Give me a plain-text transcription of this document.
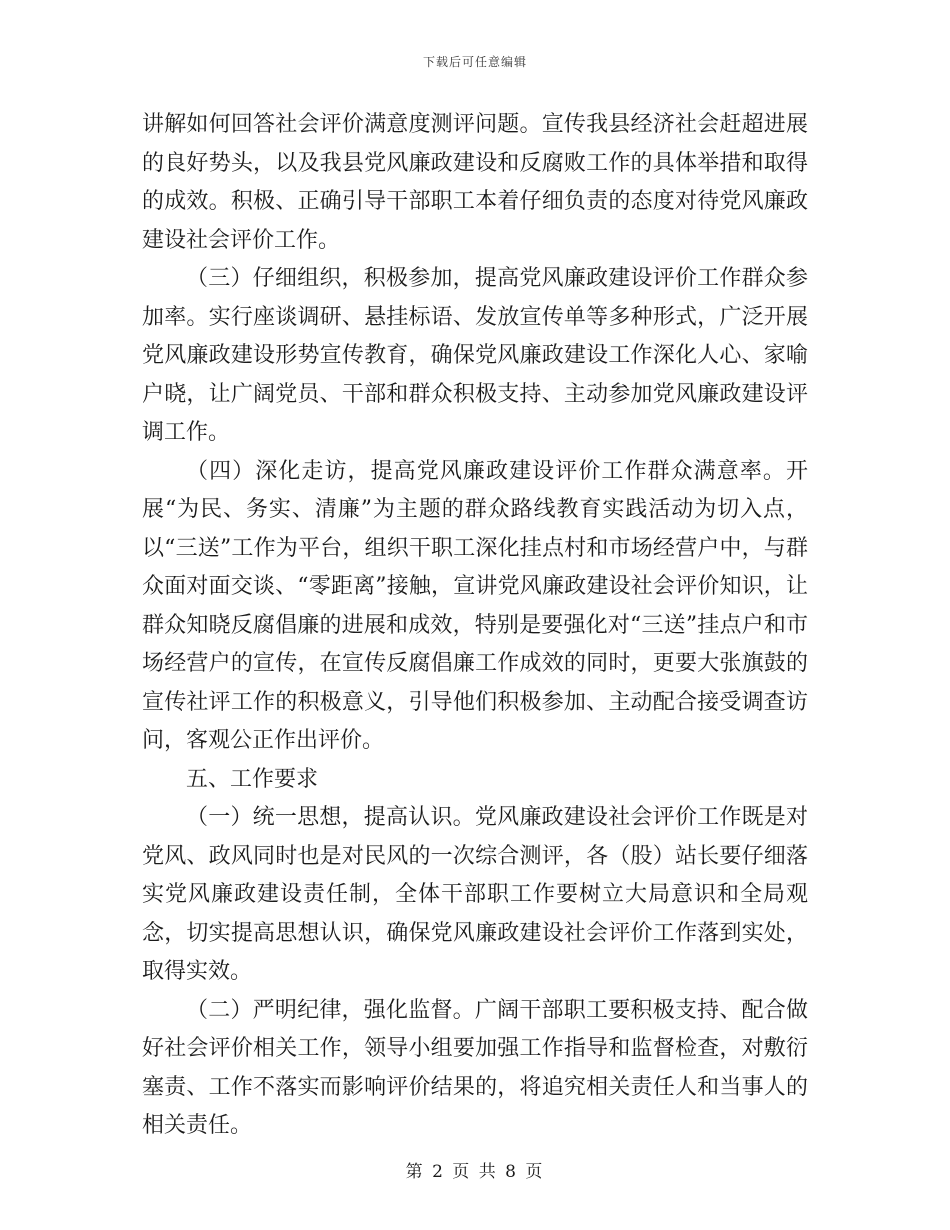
下载后可任意编辑

讲解如何回答社会评价满意度测评问题。宣传我县经济社会赶超进展的良好势头，以及我县党风廉政建设和反腐败工作的具体举措和取得的成效。积极、正确引导干部职工本着仔细负责的态度对待党风廉政建设社会评价工作。

（三）仔细组织，积极参加，提高党风廉政建设评价工作群众参加率。实行座谈调研、悬挂标语、发放宣传单等多种形式，广泛开展党风廉政建设形势宣传教育，确保党风廉政建设工作深化人心、家喻户晓，让广阔党员、干部和群众积极支持、主动参加党风廉政建设评调工作。

（四）深化走访，提高党风廉政建设评价工作群众满意率。开展“为民、务实、清廉”为主题的群众路线教育实践活动为切入点，以“三送”工作为平台，组织干职工深化挂点村和市场经营户中，与群众面对面交谈、“零距离”接触，宣讲党风廉政建设社会评价知识，让群众知晓反腐倡廉的进展和成效，特别是要强化对“三送”挂点户和市场经营户的宣传，在宣传反腐倡廉工作成效的同时，更要大张旗鼓的宣传社评工作的积极意义，引导他们积极参加、主动配合接受调查访问，客观公正作出评价。

五、工作要求

（一）统一思想，提高认识。党风廉政建设社会评价工作既是对党风、政风同时也是对民风的一次综合测评，各（股）站长要仔细落实党风廉政建设责任制，全体干部职工作要树立大局意识和全局观念，切实提高思想认识，确保党风廉政建设社会评价工作落到实处，取得实效。

（二）严明纪律，强化监督。广阔干部职工要积极支持、配合做好社会评价相关工作，领导小组要加强工作指导和监督检查，对敷衍塞责、工作不落实而影响评价结果的，将追究相关责任人和当事人的相关责任。

第 2 页 共 8 页
